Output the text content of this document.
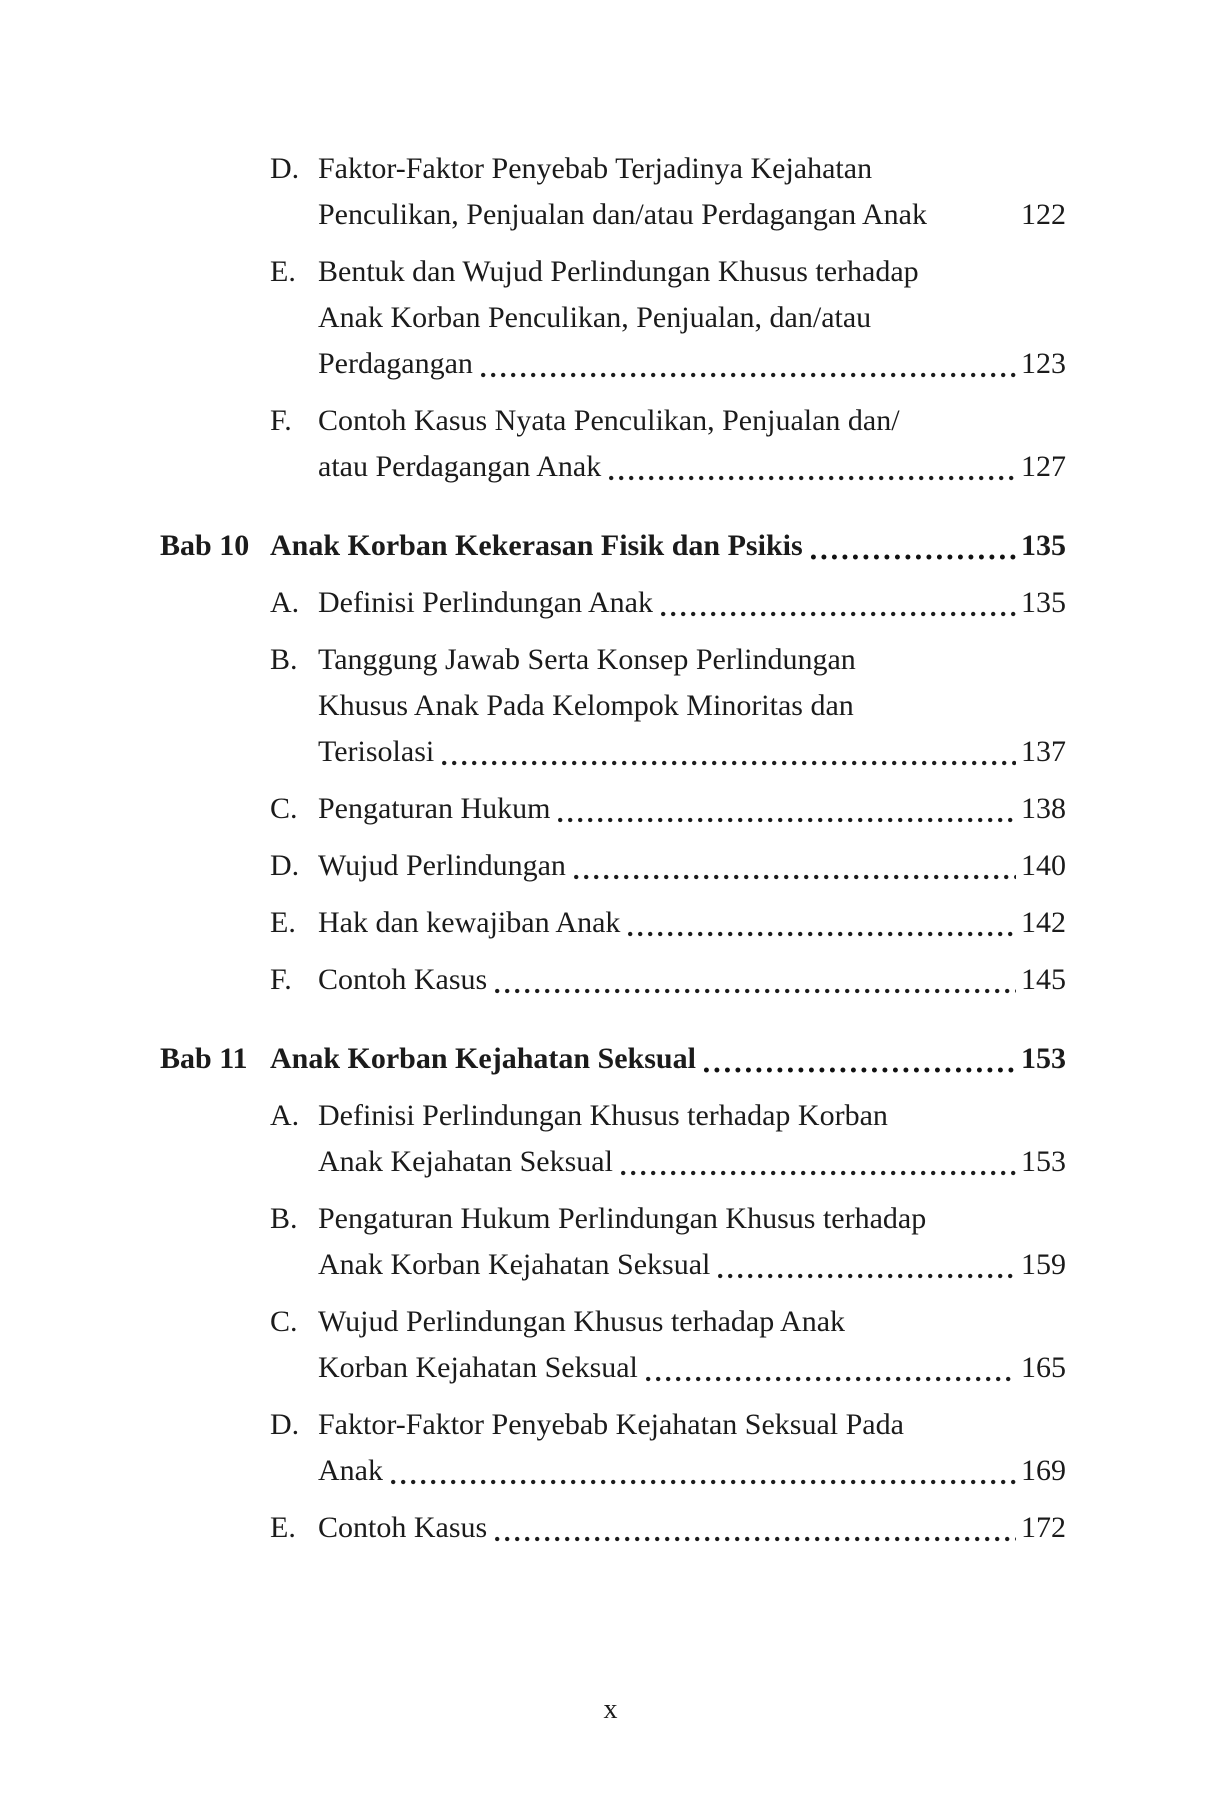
D. Faktor-Faktor Penyebab Terjadinya Kejahatan
Penculikan, Penjualan dan/atau Perdagangan Anak	122
E. Bentuk dan Wujud Perlindungan Khusus terhadap
Anak Korban Penculikan, Penjualan, dan/atau
Perdagangan	123
F. Contoh Kasus Nyata Penculikan, Penjualan dan/
atau Perdagangan Anak	127
Bab 10 Anak Korban Kekerasan Fisik dan Psikis	135
A. Definisi Perlindungan Anak	135
B. Tanggung Jawab Serta Konsep Perlindungan
Khusus Anak Pada Kelompok Minoritas dan
Terisolasi	137
C. Pengaturan Hukum	138
D. Wujud Perlindungan	140
E. Hak dan kewajiban Anak	142
F. Contoh Kasus	145
Bab 11 Anak Korban Kejahatan Seksual	153
A. Definisi Perlindungan Khusus terhadap Korban
Anak Kejahatan Seksual	153
B. Pengaturan Hukum Perlindungan Khusus terhadap
Anak Korban Kejahatan Seksual	159
C. Wujud Perlindungan Khusus terhadap Anak
Korban Kejahatan Seksual	165
D. Faktor-Faktor Penyebab Kejahatan Seksual Pada
Anak	169
E. Contoh Kasus	172
x
